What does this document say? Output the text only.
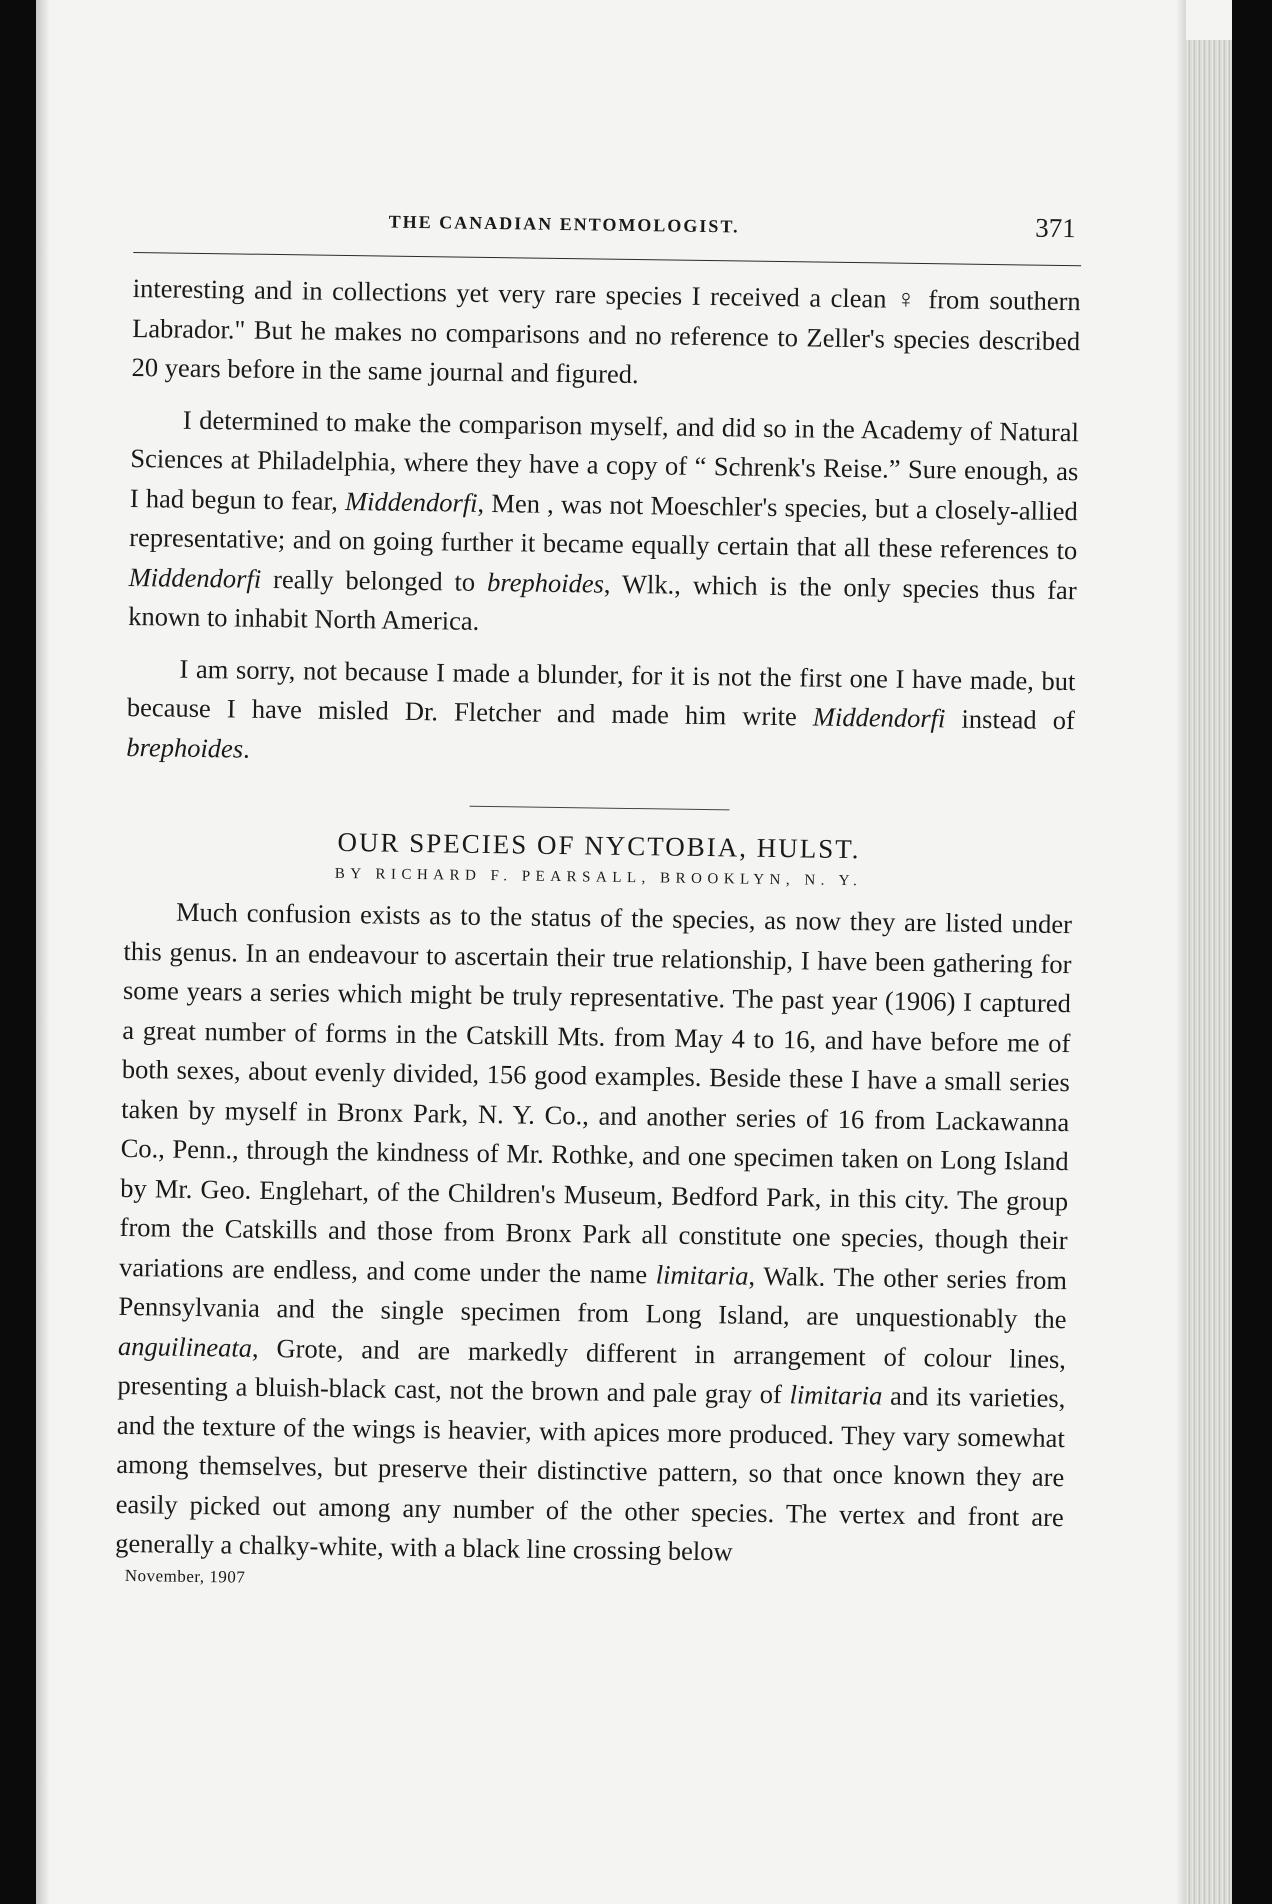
THE CANADIAN ENTOMOLOGIST.	371

interesting and in collections yet very rare species I received a clean ♀ from southern Labrador." But he makes no comparisons and no reference to Zeller's species described 20 years before in the same journal and figured.

I determined to make the comparison myself, and did so in the Academy of Natural Sciences at Philadelphia, where they have a copy of “ Schrenk's Reise.” Sure enough, as I had begun to fear, Middendorfi, Men , was not Moeschler's species, but a closely-allied representative; and on going further it became equally certain that all these references to Middendorfi really belonged to brephoides, Wlk., which is the only species thus far known to inhabit North America.

I am sorry, not because I made a blunder, for it is not the first one I have made, but because I have misled Dr. Fletcher and made him write Middendorfi instead of brephoides.

OUR SPECIES OF NYCTOBIA, HULST.
BY RICHARD F. PEARSALL, BROOKLYN, N. Y.

Much confusion exists as to the status of the species, as now they are listed under this genus. In an endeavour to ascertain their true relationship, I have been gathering for some years a series which might be truly representative. The past year (1906) I captured a great number of forms in the Catskill Mts. from May 4 to 16, and have before me of both sexes, about evenly divided, 156 good examples. Beside these I have a small series taken by myself in Bronx Park, N. Y. Co., and another series of 16 from Lackawanna Co., Penn., through the kindness of Mr. Rothke, and one specimen taken on Long Island by Mr. Geo. Englehart, of the Children's Museum, Bedford Park, in this city. The group from the Catskills and those from Bronx Park all constitute one species, though their variations are endless, and come under the name limitaria, Walk. The other series from Pennsylvania and the single specimen from Long Island, are unquestionably the anguilineata, Grote, and are markedly different in arrangement of colour lines, presenting a bluish-black cast, not the brown and pale gray of limitaria and its varieties, and the texture of the wings is heavier, with apices more produced. They vary somewhat among themselves, but preserve their distinctive pattern, so that once known they are easily picked out among any number of the other species. The vertex and front are generally a chalky-white, with a black line crossing below

November, 1907
